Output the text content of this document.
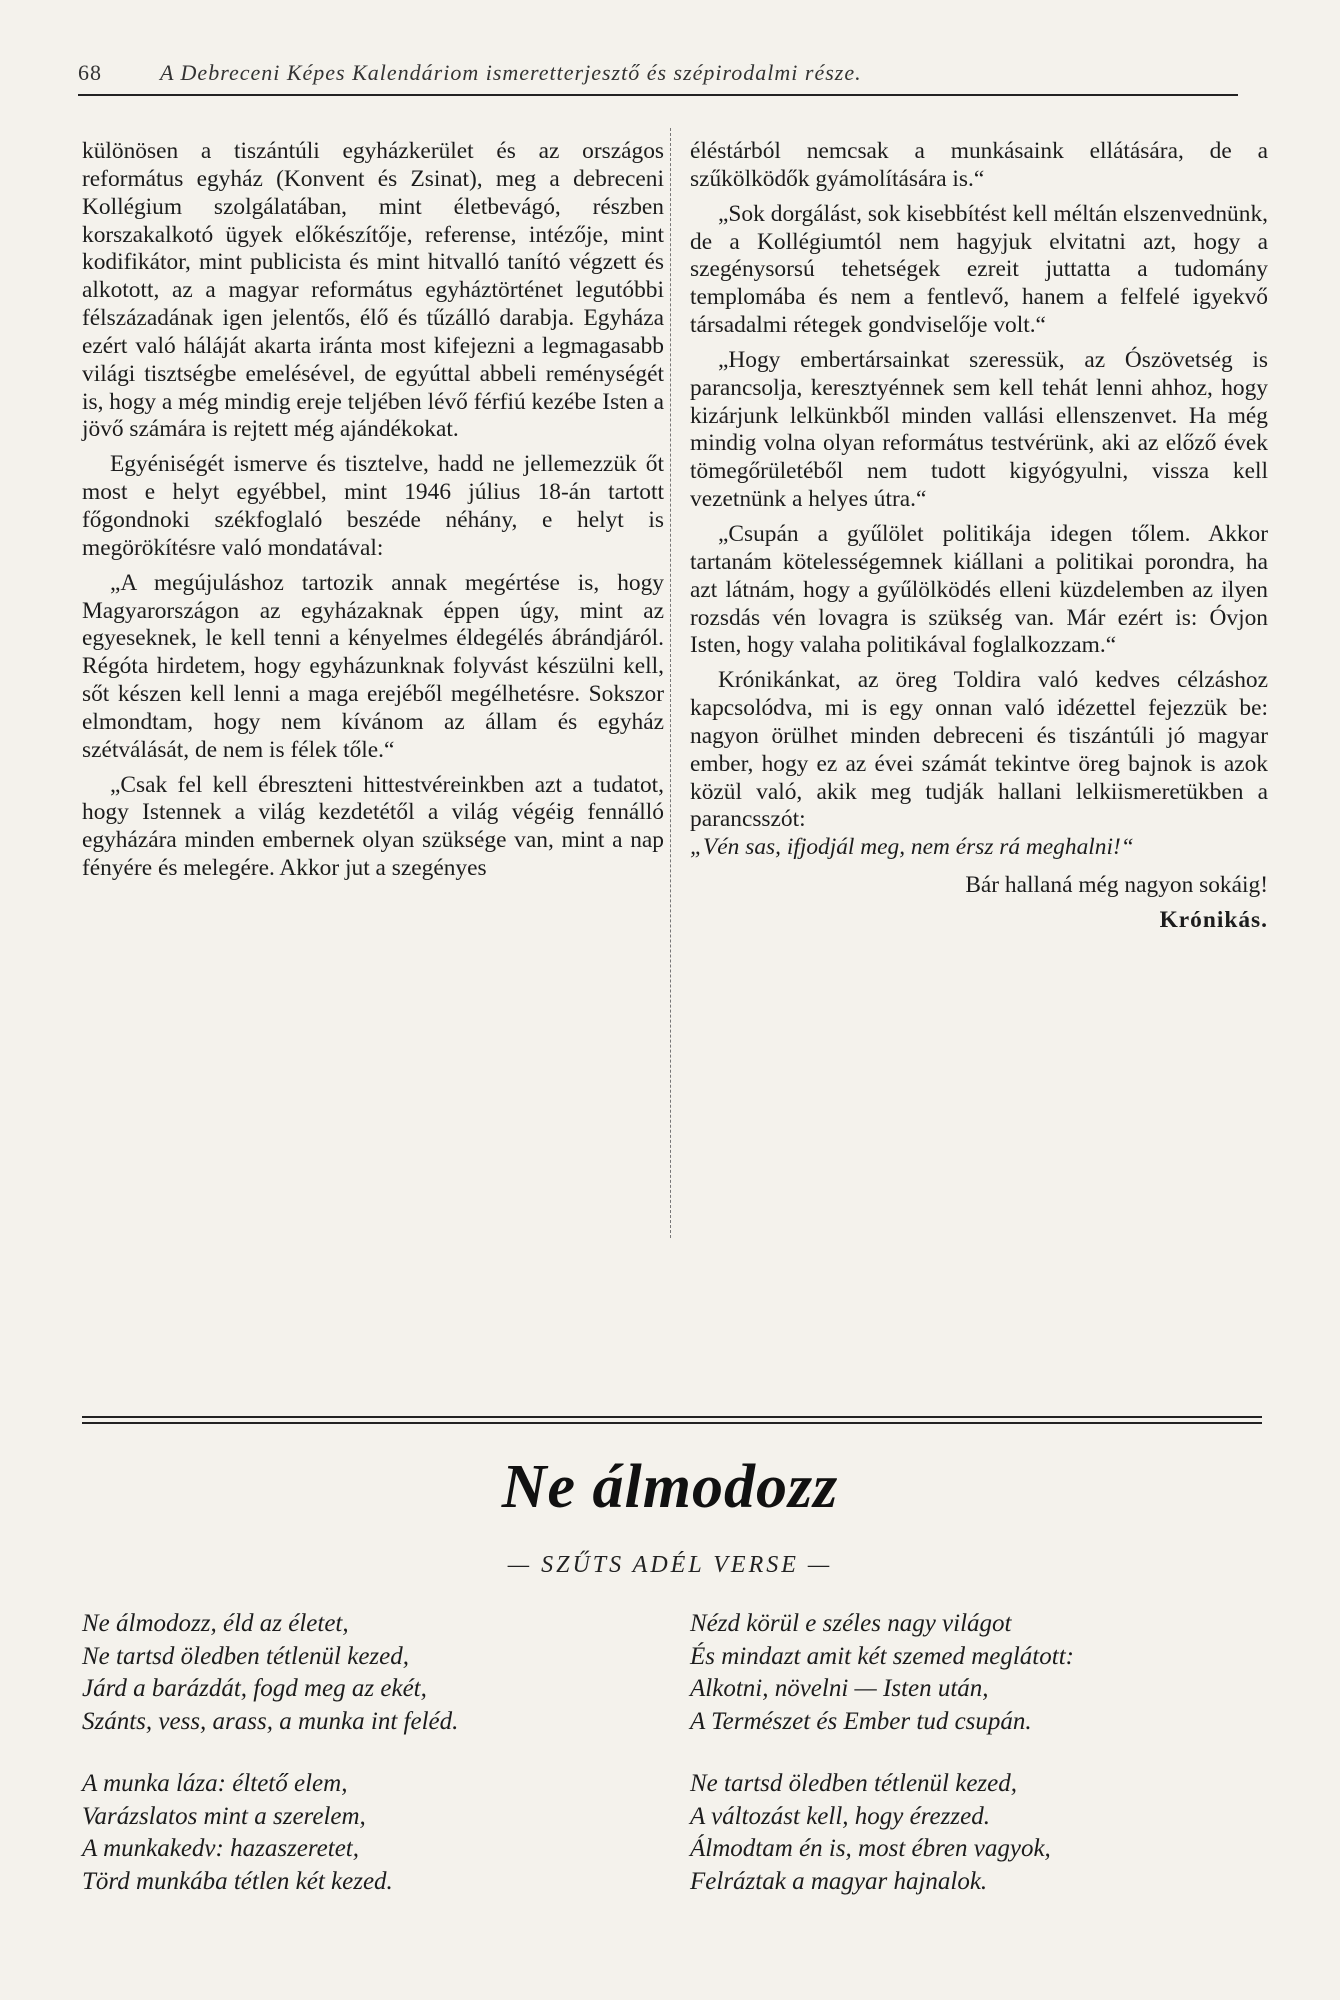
68	A Debreceni Képes Kalendáriom ismeretterjesztő és szépirodalmi része.

különösen a tiszántúli egyházkerület és az országos református egyház (Konvent és Zsinat), meg a debreceni Kollégium szolgálatában, mint életbevágó, részben korszakalkotó ügyek előkészítője, referense, intézője, mint kodifikátor, mint publicista és mint hitvalló tanító végzett és alkotott, az a magyar református egyháztörténet legutóbbi félszázadának igen jelentős, élő és tűzálló darabja. Egyháza ezért való háláját akarta iránta most kifejezni a legmagasabb világi tisztségbe emelésével, de egyúttal abbeli reménységét is, hogy a még mindig ereje teljében lévő férfiú kezébe Isten a jövő számára is rejtett még ajándékokat.

Egyéniségét ismerve és tisztelve, hadd ne jellemezzük őt most e helyt egyébbel, mint 1946 július 18-án tartott főgondnoki székfoglaló beszéde néhány, e helyt is megörökítésre való mondatával:

„A megújuláshoz tartozik annak megértése is, hogy Magyarországon az egyházaknak éppen úgy, mint az egyeseknek, le kell tenni a kényelmes éldegélés ábrándjáról. Régóta hirdetem, hogy egyházunknak folyvást készülni kell, sőt készen kell lenni a maga erejéből megélhetésre. Sokszor elmondtam, hogy nem kívánom az állam és egyház szétválását, de nem is félek tőle.“

„Csak fel kell ébreszteni hittestvéreinkben azt a tudatot, hogy Istennek a világ kezdetétől a világ végéig fennálló egyházára minden embernek olyan szüksége van, mint a nap fényére és melegére. Akkor jut a szegényes

éléstárból nemcsak a munkásaink ellátására, de a szűkölködők gyámolítására is.“

„Sok dorgálást, sok kisebbítést kell méltán elszenvednünk, de a Kollégiumtól nem hagyjuk elvitatni azt, hogy a szegénysorsú tehetségek ezreit juttatta a tudomány templomába és nem a fentlevő, hanem a felfelé igyekvő társadalmi rétegek gondviselője volt.“

„Hogy embertársainkat szeressük, az Ószövetség is parancsolja, keresztyénnek sem kell tehát lenni ahhoz, hogy kizárjunk lelkünkből minden vallási ellenszenvet. Ha még mindig volna olyan református testvérünk, aki az előző évek tömegőrületéből nem tudott kigyógyulni, vissza kell vezetnünk a helyes útra.“

„Csupán a gyűlölet politikája idegen tőlem. Akkor tartanám kötelességemnek kiállani a politikai porondra, ha azt látnám, hogy a gyűlölködés elleni küzdelemben az ilyen rozsdás vén lovagra is szükség van. Már ezért is: Óvjon Isten, hogy valaha politikával foglalkozzam.“

Krónikánkat, az öreg Toldira való kedves célzáshoz kapcsolódva, mi is egy onnan való idézettel fejezzük be: nagyon örülhet minden debreceni és tiszántúli jó magyar ember, hogy ez az évei számát tekintve öreg bajnok is azok közül való, akik meg tudják hallani lelkiismeretükben a parancsszót:

„Vén sas, ifjodjál meg, nem érsz rá meghalni!“

Bár hallaná még nagyon sokáig!

Krónikás.

Ne álmodozz
— SZŰTS ADÉL VERSE —
Ne álmodozz, éld az életet,
Ne tartsd öledben tétlenül kezed,
Járd a barázdát, fogd meg az ekét,
Szánts, vess, arass, a munka int feléd.
A munka láza: éltető elem,
Varázslatos mint a szerelem,
A munkakedv: hazaszeretet,
Törd munkába tétlen két kezed.
Nézd körül e széles nagy világot
És mindazt amit két szemed meglátott:
Alkotni, növelni — Isten után,
A Természet és Ember tud csupán.
Ne tartsd öledben tétlenül kezed,
A változást kell, hogy érezzed.
Álmodtam én is, most ébren vagyok,
Felráztak a magyar hajnalok.
